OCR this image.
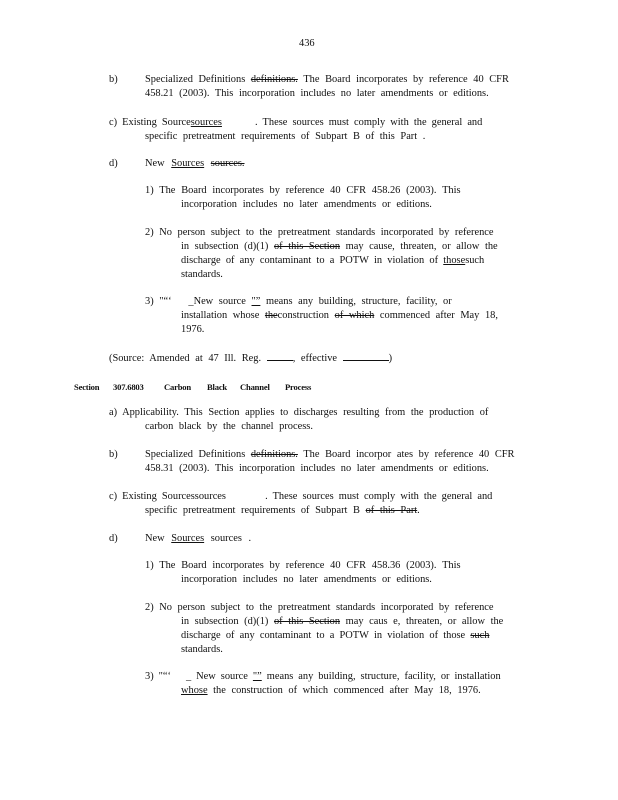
436
b)	Specialized Definitions definitions. The Board incorporates by reference 40 CFR
458.21 (2003). This incorporation includes no later amendments or editions.
c) Existing Sourcesources	. These sources must comply with the general and
specific pretreatment requirements of Subpart B of this Part .
d)	New Sources sources.
1) The Board incorporates by reference 40 CFR 458.26 (2003). This
incorporation includes no later amendments or editions.
2) No person subject to the pretreatment standards incorporated by reference
in subsection (d)(1) of this Section may cause, threaten, or allow the
discharge of any contaminant to a POTW in violation of thosesuch
standards.
3) "“‘ _New source "” means any building, structure, facility, or
installation whose theconstruction of which commenced after May 18,
1976.
(Source: Amended at 47 Ill. Reg.	, effective	)
Section 307.6803 Carbon Black Channel Process
a) Applicability. This Section applies to discharges resulting from the production of
carbon black by the channel process.
b)	Specialized Definitions definitions. The Board incorpor ates by reference 40 CFR
458.31 (2003). This incorporation includes no later amendments or editions.
c) Existing Sourcessources	. These sources must comply with the general and
specific pretreatment requirements of Subpart B of this Part.
d)	New Sources sources .
1) The Board incorporates by reference 40 CFR 458.36 (2003). This
incorporation includes no later amendments or editions.
2) No person subject to the pretreatment standards incorporated by reference
in subsection (d)(1) of this Section may caus e, threaten, or allow the
discharge of any contaminant to a POTW in violation of those such
standards.
3) "“‘ _ New source "” means any building, structure, facility, or installation
whose the construction of which commenced after May 18, 1976.
